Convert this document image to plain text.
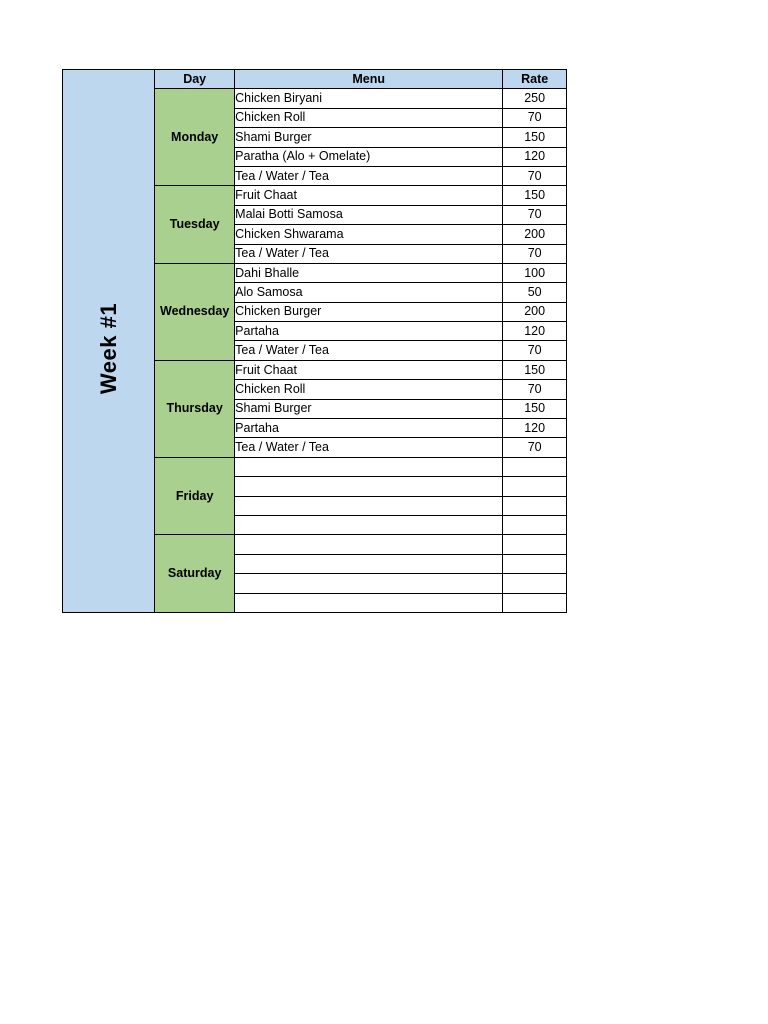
	Day	Menu	Rate
Week #1	Monday	Chicken Biryani	250
		Chicken Roll	70
		Shami Burger	150
		Paratha (Alo + Omelate)	120
		Tea / Water / Tea	70
	Tuesday	Fruit Chaat	150
		Malai Botti Samosa	70
		Chicken Shwarama	200
		Tea / Water / Tea	70
	Wednesday	Dahi Bhalle	100
		Alo Samosa	50
		Chicken Burger	200
		Partaha	120
		Tea / Water / Tea	70
	Thursday	Fruit Chaat	150
		Chicken Roll	70
		Shami Burger	150
		Partaha	120
		Tea / Water / Tea	70
	Friday		

	Saturday		
